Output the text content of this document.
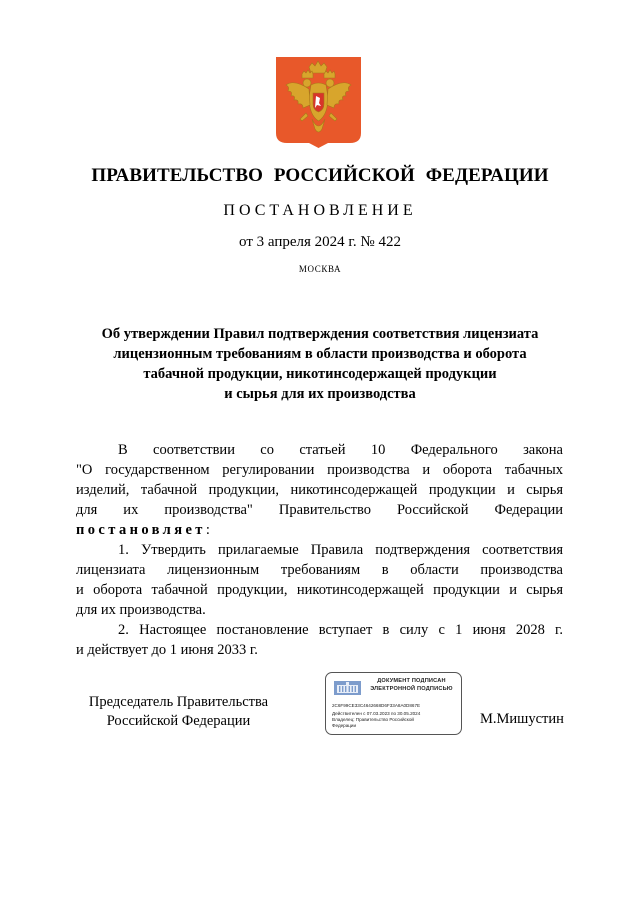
ПРАВИТЕЛЬСТВО РОССИЙСКОЙ ФЕДЕРАЦИИ
ПОСТАНОВЛЕНИЕ
от 3 апреля 2024 г. № 422
МОСКВА
Об утверждении Правил подтверждения соответствия лицензиата
лицензионным требованиям в области производства и оборота
табачной продукции, никотинсодержащей продукции
и сырья для их производства
В соответствии со статьей 10 Федерального закона
"О государственном регулировании производства и оборота табачных
изделий, табачной продукции, никотинсодержащей продукции и сырья
для их производства" Правительство Российской Федерации
постановляет:
1. Утвердить прилагаемые Правила подтверждения соответствия
лицензиата лицензионным требованиям в области производства
и оборота табачной продукции, никотинсодержащей продукции и сырья
для их производства.
2. Настоящее постановление вступает в силу с 1 июня 2028 г.
и действует до 1 июня 2033 г.
Председатель Правительства
Российской Федерации	М.Мишустин
ДОКУМЕНТ ПОДПИСАН
ЭЛЕКТРОННОЙ ПОДПИСЬЮ
2C6F99CE33C4642668D6F33A8A0D867E
Действителен с 07.03.2023 по 30.05.2024
Владелец: Правительство Российской
Федерации
